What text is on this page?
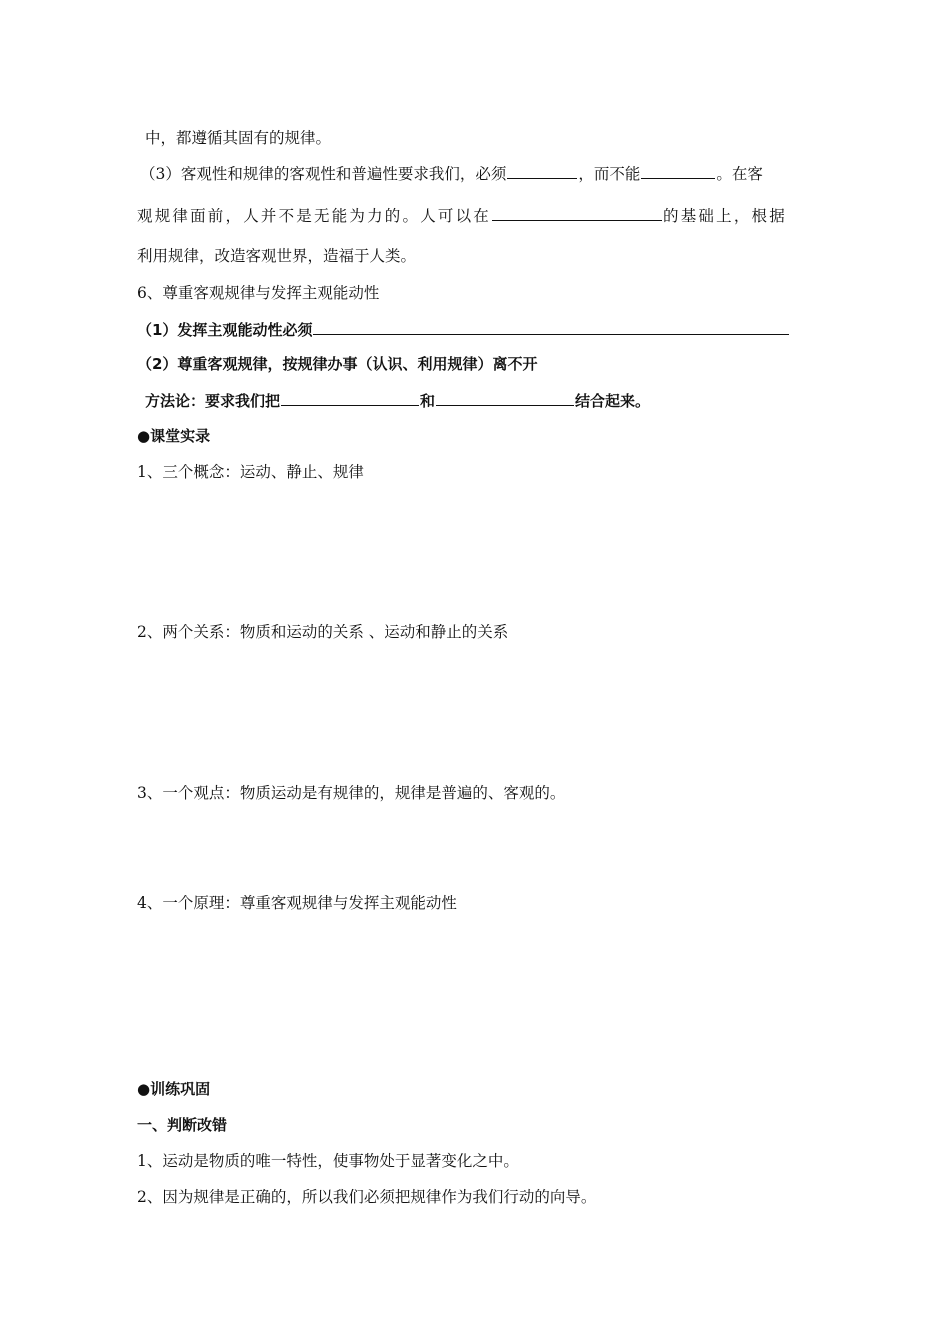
中，都遵循其固有的规律。
（3）客观性和规律的客观性和普遍性要求我们，必须	，而不能	。在客
观规律面前，人并不是无能为力的。人可以在	的基础上，根据
利用规律，改造客观世界，造福于人类。
6、尊重客观规律与发挥主观能动性
（1）发挥主观能动性必须
（2）尊重客观规律，按规律办事（认识、利用规律）离不开
方法论：要求我们把	和	结合起来。
●课堂实录
1、三个概念：运动、静止、规律
2、两个关系：物质和运动的关系 、运动和静止的关系
3、一个观点：物质运动是有规律的，规律是普遍的、客观的。
4、一个原理：尊重客观规律与发挥主观能动性
●训练巩固
一、判断改错
1、运动是物质的唯一特性，使事物处于显著变化之中。
2、因为规律是正确的，所以我们必须把规律作为我们行动的向导。
